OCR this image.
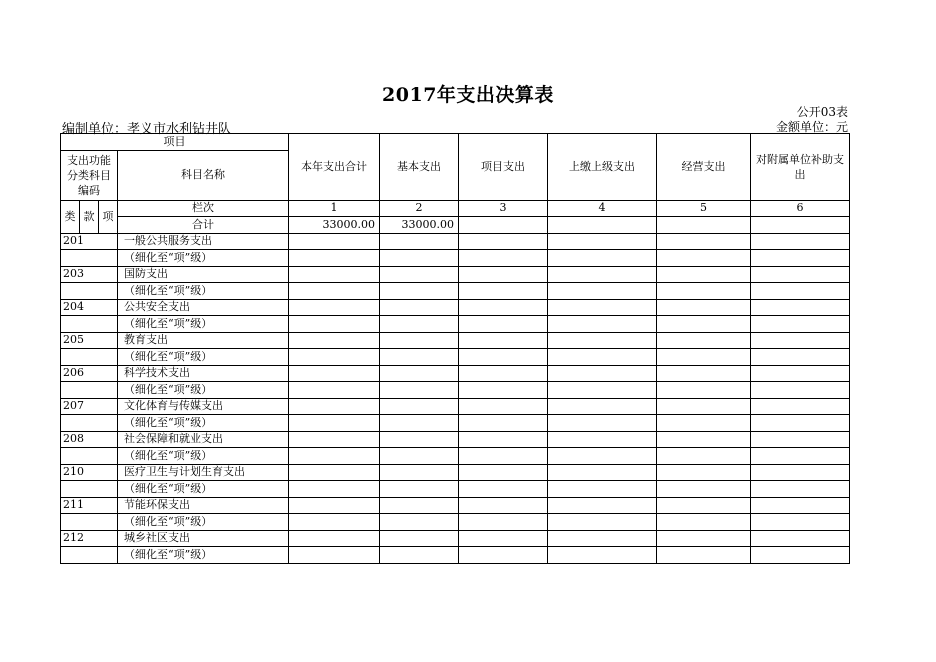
2017年支出决算表
公开03表
编制单位：孝义市水利钻井队	金额单位：元
项目				本年支出合计	基本支出	项目支出	上缴上级支出	经营支出	对附属单位补助支出
支出功能分类科目编码			科目名称						
类	款	项	栏次	1	2	3	4	5	6
			合计	33000.00	33000.00				
201			一般公共服务支出						
			（细化至“项”级）						
203			国防支出						
			（细化至“项”级）						
204			公共安全支出						
			（细化至“项”级）						
205			教育支出						
			（细化至“项”级）						
206			科学技术支出						
			（细化至“项”级）						
207			文化体育与传媒支出						
			（细化至“项”级）						
208			社会保障和就业支出						
			（细化至“项”级）						
210			医疗卫生与计划生育支出						
			（细化至“项”级）						
211			节能环保支出						
			（细化至“项”级）						
212			城乡社区支出						
			（细化至“项”级）						
